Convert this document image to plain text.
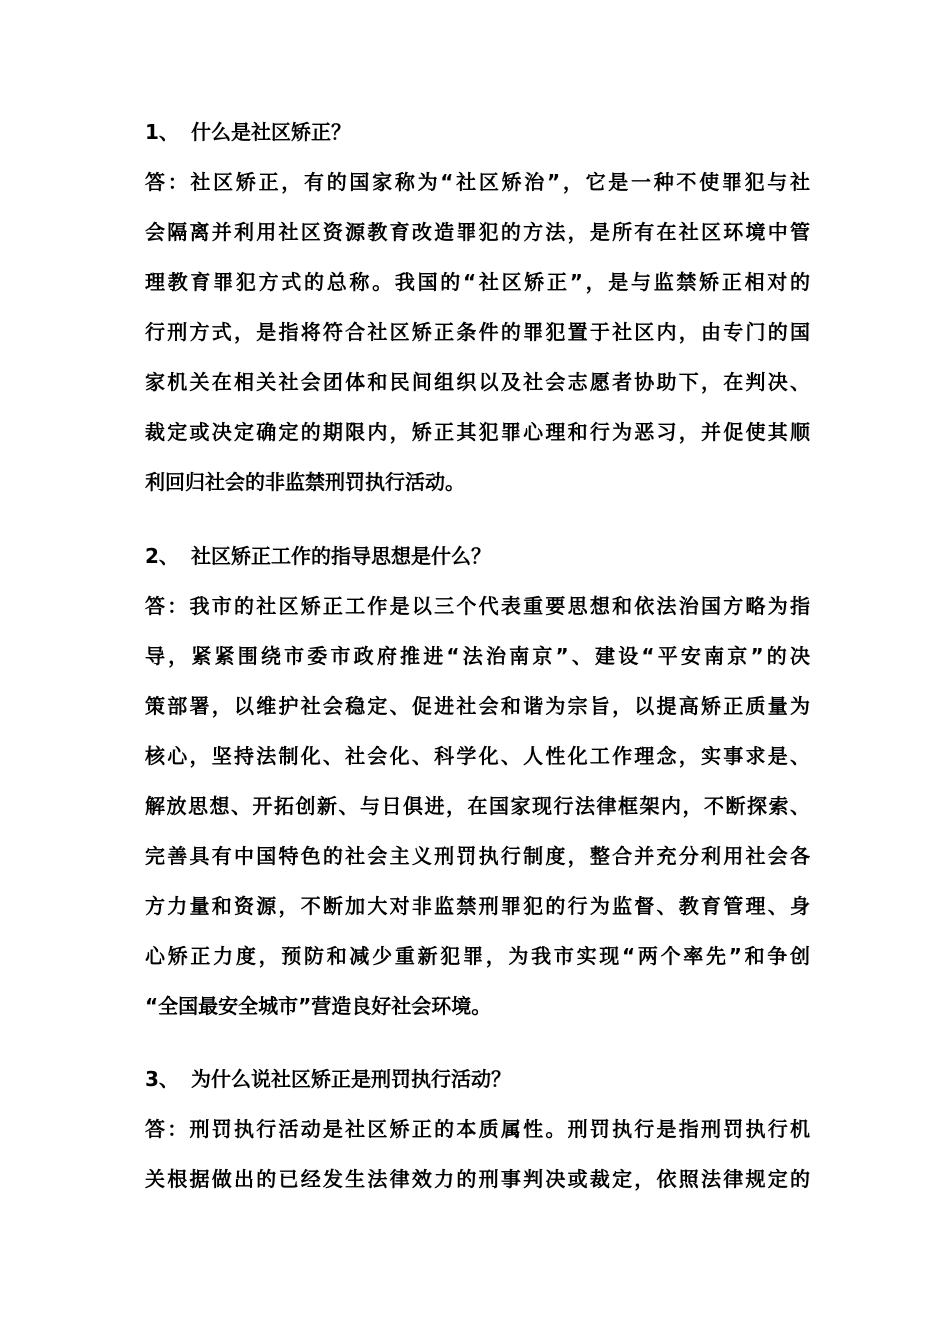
1、 什么是社区矫正？
答：社区矫正，有的国家称为“社区矫治”，它是一种不使罪犯与社
会隔离并利用社区资源教育改造罪犯的方法，是所有在社区环境中管
理教育罪犯方式的总称。我国的“社区矫正”，是与监禁矫正相对的
行刑方式，是指将符合社区矫正条件的罪犯置于社区内，由专门的国
家机关在相关社会团体和民间组织以及社会志愿者协助下，在判决、
裁定或决定确定的期限内，矫正其犯罪心理和行为恶习，并促使其顺
利回归社会的非监禁刑罚执行活动。
2、 社区矫正工作的指导思想是什么？
答：我市的社区矫正工作是以三个代表重要思想和依法治国方略为指
导，紧紧围绕市委市政府推进“法治南京”、建设“平安南京”的决
策部署，以维护社会稳定、促进社会和谐为宗旨，以提高矫正质量为
核心，坚持法制化、社会化、科学化、人性化工作理念，实事求是、
解放思想、开拓创新、与日俱进，在国家现行法律框架内，不断探索、
完善具有中国特色的社会主义刑罚执行制度，整合并充分利用社会各
方力量和资源，不断加大对非监禁刑罪犯的行为监督、教育管理、身
心矫正力度，预防和减少重新犯罪，为我市实现“两个率先”和争创
“全国最安全城市”营造良好社会环境。
3、 为什么说社区矫正是刑罚执行活动？
答：刑罚执行活动是社区矫正的本质属性。刑罚执行是指刑罚执行机
关根据做出的已经发生法律效力的刑事判决或裁定，依照法律规定的
